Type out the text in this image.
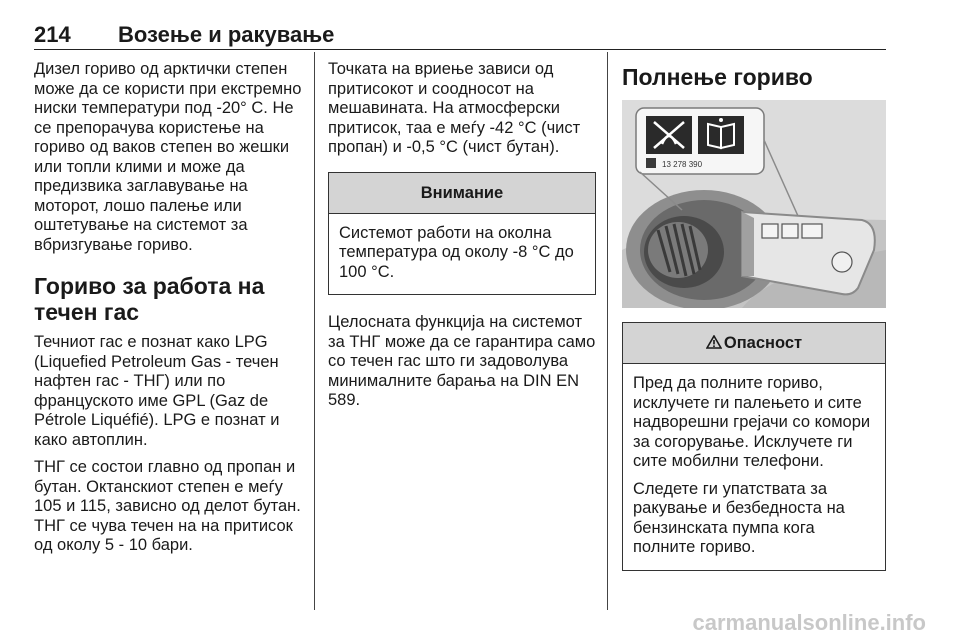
214 Возење и ракување

Дизел гориво од арктички степен може да се користи при екстремно ниски температури под -20° C. Не се препорачува користење на гориво од ваков степен во жешки или топли клими и може да предизвика заглавување на моторот, лошо палење или оштетување на системот за вбризгување гориво.

Гориво за работа на течен гас

Течниот гас е познат како LPG (Liquefied Petroleum Gas - течен нафтен гас - ТНГ) или по француското име GPL (Gaz de Pétrole Liquéfié). LPG е познат и како автоплин.

ТНГ се состои главно од пропан и бутан. Октанскиот степен е меѓу 105 и 115, зависно од делот бутан. ТНГ се чува течен на на притисок од околу 5 - 10 бари.

Точката на вриење зависи од притисокот и соодносот на мешавината. На атмосферски притисок, таа е меѓу -42 °C (чист пропан) и -0,5 °C (чист бутан).

Внимание

Системот работи на околна температура од околу -8 °C до 100 °C.

Целосната функција на системот за ТНГ може да се гарантира само со течен гас што ги задоволува минималните барања на DIN EN 589.

Полнење гориво
13 278 390
Опасност

Пред да полните гориво, исклучете ги палењето и сите надворешни грејачи со комори за согорување. Исклучете ги сите мобилни телефони.

Следете ги упатствата за ракување и безбедноста на бензинската пумпа кога полните гориво.

carmanualsonline.info
